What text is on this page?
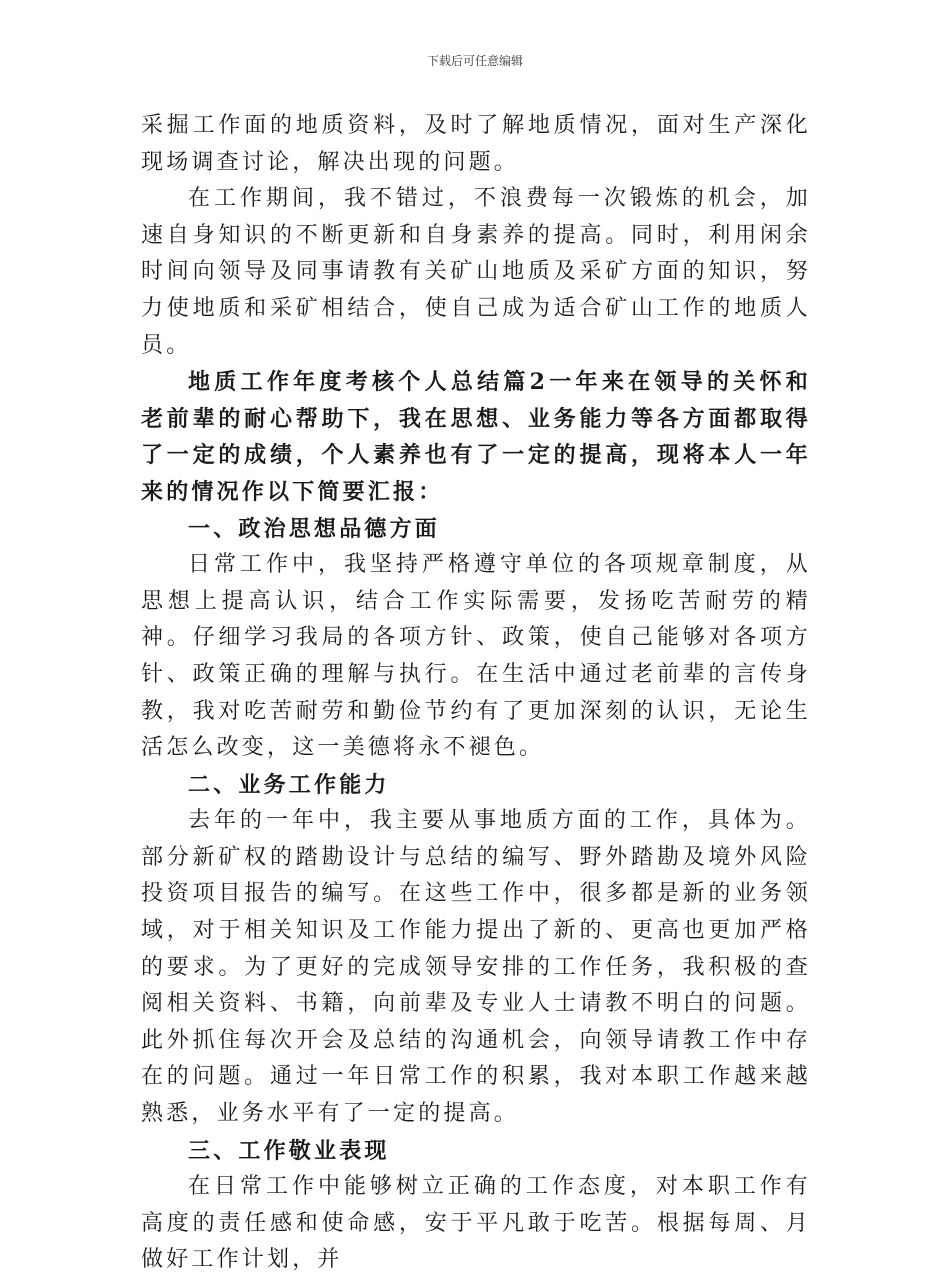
下载后可任意编辑

采掘工作面的地质资料，及时了解地质情况，面对生产深化现场调查讨论，解决出现的问题。

在工作期间，我不错过，不浪费每一次锻炼的机会，加速自身知识的不断更新和自身素养的提高。同时，利用闲余时间向领导及同事请教有关矿山地质及采矿方面的知识，努力使地质和采矿相结合，使自己成为适合矿山工作的地质人员。

地质工作年度考核个人总结篇2一年来在领导的关怀和老前辈的耐心帮助下，我在思想、业务能力等各方面都取得了一定的成绩，个人素养也有了一定的提高，现将本人一年来的情况作以下简要汇报：

一、政治思想品德方面

日常工作中，我坚持严格遵守单位的各项规章制度，从思想上提高认识，结合工作实际需要，发扬吃苦耐劳的精神。仔细学习我局的各项方针、政策，使自己能够对各项方针、政策正确的理解与执行。在生活中通过老前辈的言传身教，我对吃苦耐劳和勤俭节约有了更加深刻的认识，无论生活怎么改变，这一美德将永不褪色。

二、业务工作能力

去年的一年中，我主要从事地质方面的工作，具体为。部分新矿权的踏勘设计与总结的编写、野外踏勘及境外风险投资项目报告的编写。在这些工作中，很多都是新的业务领域，对于相关知识及工作能力提出了新的、更高也更加严格的要求。为了更好的完成领导安排的工作任务，我积极的查阅相关资料、书籍，向前辈及专业人士请教不明白的问题。此外抓住每次开会及总结的沟通机会，向领导请教工作中存在的问题。通过一年日常工作的积累，我对本职工作越来越熟悉，业务水平有了一定的提高。

三、工作敬业表现

在日常工作中能够树立正确的工作态度，对本职工作有高度的责任感和使命感，安于平凡敢于吃苦。根据每周、月做好工作计划，并
